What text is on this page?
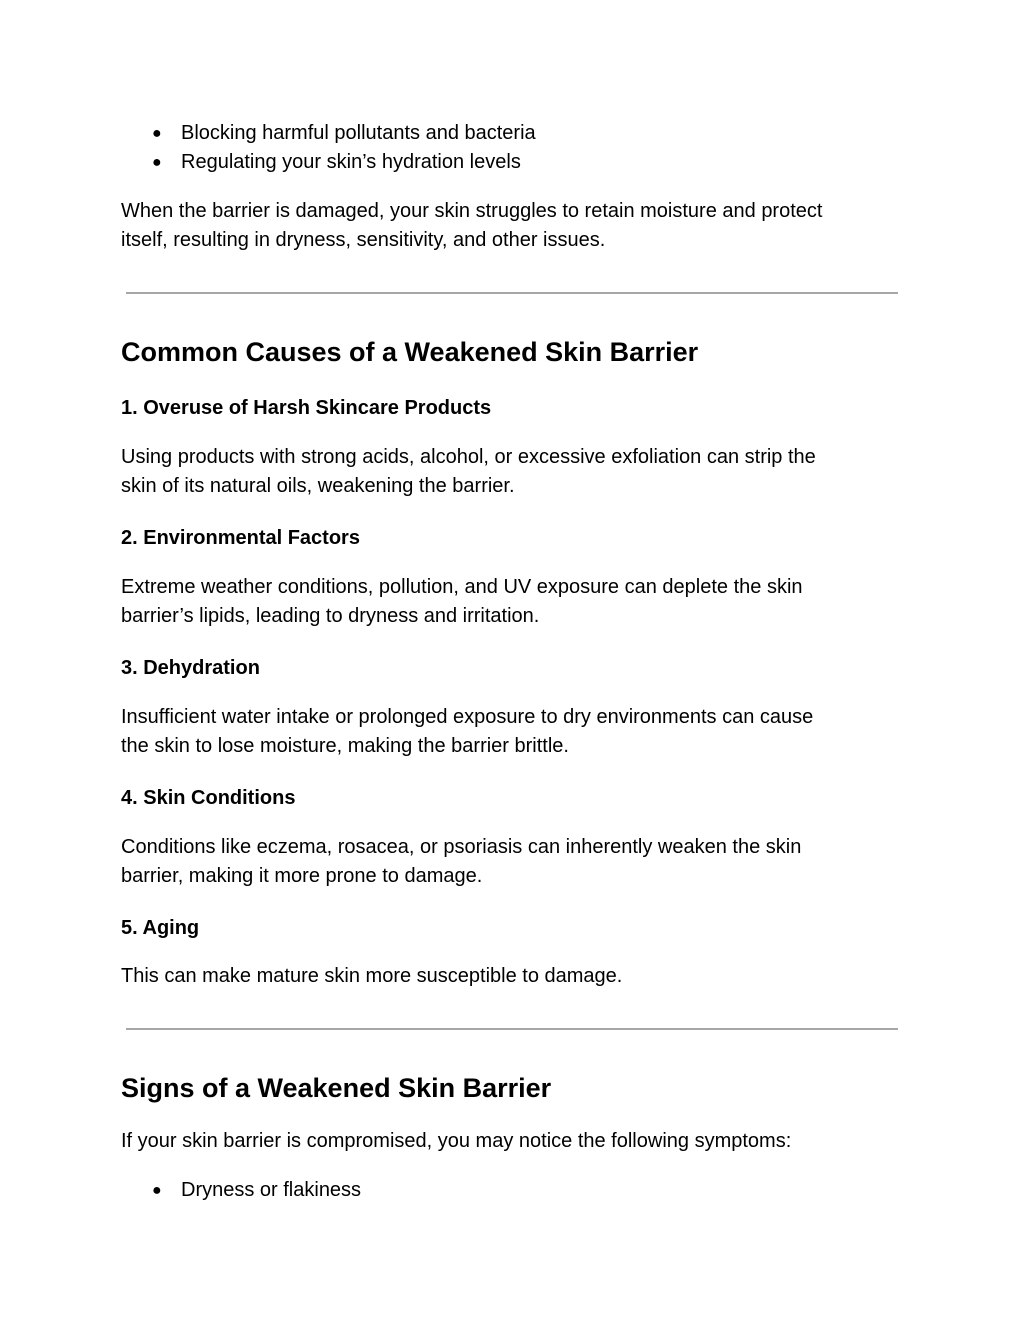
● Blocking harmful pollutants and bacteria
● Regulating your skin’s hydration levels

When the barrier is damaged, your skin struggles to retain moisture and protect

itself, resulting in dryness, sensitivity, and other issues.

Common Causes of a Weakened Skin Barrier
1. Overuse of Harsh Skincare Products

Using products with strong acids, alcohol, or excessive exfoliation can strip the

skin of its natural oils, weakening the barrier.

2. Environmental Factors

Extreme weather conditions, pollution, and UV exposure can deplete the skin

barrier’s lipids, leading to dryness and irritation.

3. Dehydration

Insufficient water intake or prolonged exposure to dry environments can cause

the skin to lose moisture, making the barrier brittle.

4. Skin Conditions

Conditions like eczema, rosacea, or psoriasis can inherently weaken the skin

barrier, making it more prone to damage.

5. Aging

This can make mature skin more susceptible to damage.

Signs of a Weakened Skin Barrier

If your skin barrier is compromised, you may notice the following symptoms:

● Dryness or flakiness
